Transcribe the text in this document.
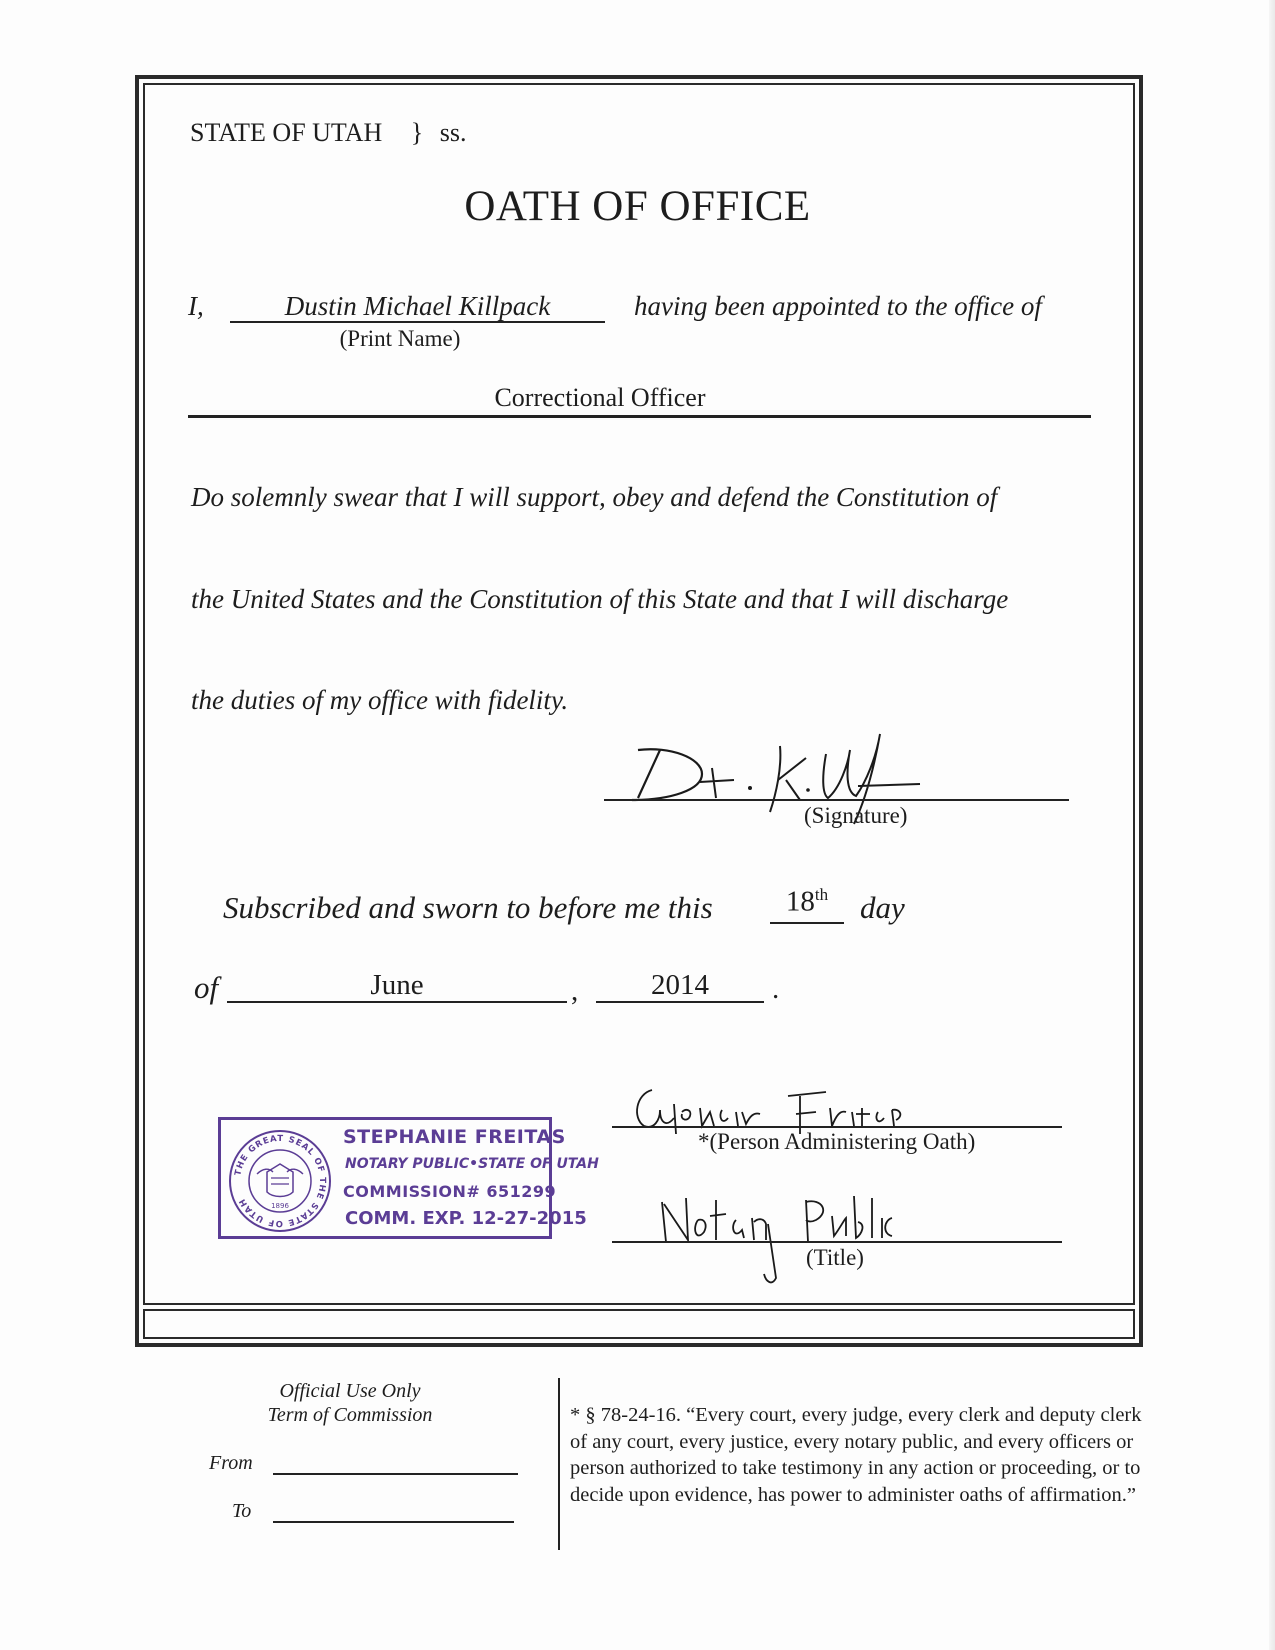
STATE OF UTAH } ss.
OATH OF OFFICE
I,	Dustin Michael Killpack
(Print Name)
having been appointed to the office of
Correctional Officer
Do solemnly swear that I will support, obey and defend the Constitution of
the United States and the Constitution of this State and that I will discharge
the duties of my office with fidelity.
(Signature)
Subscribed and sworn to before me this	18th	day
of	June	,	2014	.
THE GREAT SEAL OF THE STATE OF UTAH	1896
STEPHANIE FREITAS
NOTARY PUBLIC•STATE OF UTAH
COMMISSION# 651299
COMM. EXP. 12-27-2015
*(Person Administering Oath)
(Title)
Official Use Only
Term of Commission
From
To
* § 78-24-16. “Every court, every judge, every clerk and deputy clerk of any court, every justice, every notary public, and every officers or person authorized to take testimony in any action or proceeding, or to decide upon evidence, has power to administer oaths of affirmation.”
